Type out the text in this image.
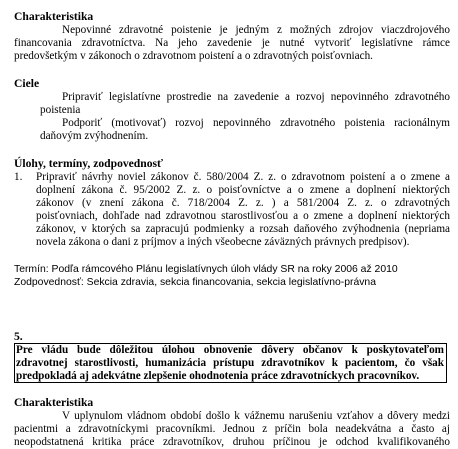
Charakteristika
Nepovinné zdravotné poistenie je jedným z možných zdrojov viaczdrojového
financovania zdravotníctva. Na jeho zavedenie je nutné vytvoriť legislatívne rámce
predovšetkým v zákonoch o zdravotnom poistení a o zdravotných poisťovniach.
Ciele
Pripraviť legislatívne prostredie na zavedenie a rozvoj nepovinného zdravotného
poistenia
Podporiť (motivovať) rozvoj nepovinného zdravotného poistenia racionálnym
daňovým zvýhodnením.
Úlohy, termíny, zodpovednosť
1. Pripraviť návrhy noviel zákonov č. 580/2004 Z. z. o zdravotnom poistení a o zmene a
doplnení zákona č. 95/2002 Z. z. o poisťovníctve a o zmene a doplnení niektorých
zákonov (v znení zákona č. 718/2004 Z. z. ) a 581/2004 Z. z. o zdravotných
poisťovniach, dohľade nad zdravotnou starostlivosťou a o zmene a doplnení niektorých
zákonov, v ktorých sa zapracujú podmienky a rozsah daňového zvýhodnenia (nepriama
novela zákona o dani z príjmov a iných všeobecne záväzných právnych predpisov).
Termín: Podľa rámcového Plánu legislatívnych úloh vlády SR na roky 2006 až 2010
Zodpovednosť: Sekcia zdravia, sekcia financovania, sekcia legislatívno-právna
5.
Pre vládu bude dôležitou úlohou obnovenie dôvery občanov k poskytovateľom
zdravotnej starostlivosti, humanizácia prístupu zdravotníkov k pacientom, čo však
predpokladá aj adekvátne zlepšenie ohodnotenia práce zdravotníckych pracovníkov.
Charakteristika
V uplynulom vládnom období došlo k vážnemu narušeniu vzťahov a dôvery medzi
pacientmi a zdravotníckymi pracovníkmi. Jednou z príčin bola neadekvátna a často aj
neopodstatnená kritika práce zdravotníkov, druhou príčinou je odchod kvalifikovaného
